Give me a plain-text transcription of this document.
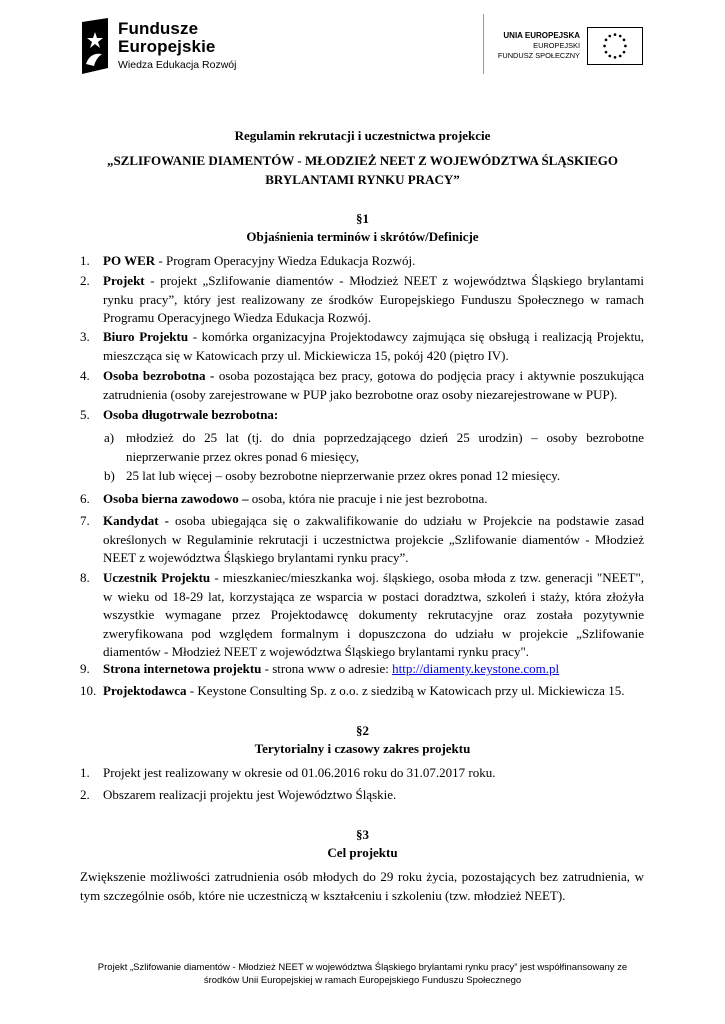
Fundusze
Europejskie
Wiedza Edukacja Rozwój
UNIA EUROPEJSKA
EUROPEJSKI
FUNDUSZ SPOŁECZNY
Regulamin rekrutacji i uczestnictwa projekcie
„SZLIFOWANIE DIAMENTÓW - MŁODZIEŻ NEET Z WOJEWÓDZTWA ŚLĄSKIEGO
BRYLANTAMI RYNKU PRACY”
§1
Objaśnienia terminów i skrótów/Definicje
1.	PO WER - Program Operacyjny Wiedza Edukacja Rozwój.
2.	Projekt - projekt „Szlifowanie diamentów - Młodzież NEET z województwa Śląskiego brylantami rynku pracy”, który jest realizowany ze środków Europejskiego Funduszu Społecznego w ramach Programu Operacyjnego Wiedza Edukacja Rozwój.
3.	Biuro Projektu - komórka organizacyjna Projektodawcy zajmująca się obsługą i realizacją Projektu, mieszcząca się w Katowicach przy ul. Mickiewicza 15, pokój 420 (piętro IV).
4.	Osoba bezrobotna - osoba pozostająca bez pracy, gotowa do podjęcia pracy i aktywnie poszukująca zatrudnienia (osoby zarejestrowane w PUP jako bezrobotne oraz osoby niezarejestrowane w PUP).
5.	Osoba długotrwale bezrobotna:
a) młodzież do 25 lat (tj. do dnia poprzedzającego dzień 25 urodzin) – osoby bezrobotne nieprzerwanie przez okres ponad 6 miesięcy,
b) 25 lat lub więcej – osoby bezrobotne nieprzerwanie przez okres ponad 12 miesięcy.
6.	Osoba bierna zawodowo – osoba, która nie pracuje i nie jest bezrobotna.
7.	Kandydat - osoba ubiegająca się o zakwalifikowanie do udziału w Projekcie na podstawie zasad określonych w Regulaminie rekrutacji i uczestnictwa projekcie „Szlifowanie diamentów - Młodzież NEET z województwa Śląskiego brylantami rynku pracy”.
8.	Uczestnik Projektu - mieszkaniec/mieszkanka woj. śląskiego, osoba młoda z tzw. generacji "NEET", w wieku od 18-29 lat, korzystająca ze wsparcia w postaci doradztwa, szkoleń i staży, która złożyła wszystkie wymagane przez Projektodawcę dokumenty rekrutacyjne oraz została pozytywnie zweryfikowana pod względem formalnym i dopuszczona do udziału w projekcie „Szlifowanie diamentów - Młodzież NEET z województwa Śląskiego brylantami rynku pracy".
9.	Strona internetowa projektu - strona www o adresie: http://diamenty.keystone.com.pl
10. Projektodawca - Keystone Consulting Sp. z o.o. z siedzibą w Katowicach przy ul. Mickiewicza 15.
§2
Terytorialny i czasowy zakres projektu
1.	Projekt jest realizowany w okresie od 01.06.2016 roku do 31.07.2017 roku.
2.	Obszarem realizacji projektu jest Województwo Śląskie.
§3
Cel projektu
Zwiększenie możliwości zatrudnienia osób młodych do 29 roku życia, pozostających bez zatrudnienia, w tym szczególnie osób, które nie uczestniczą w kształceniu i szkoleniu (tzw. młodzież NEET).
Projekt „Szlifowanie diamentów - Młodzież NEET w województwa Śląskiego brylantami rynku pracy” jest współfinansowany ze
środków Unii Europejskiej w ramach Europejskiego Funduszu Społecznego
